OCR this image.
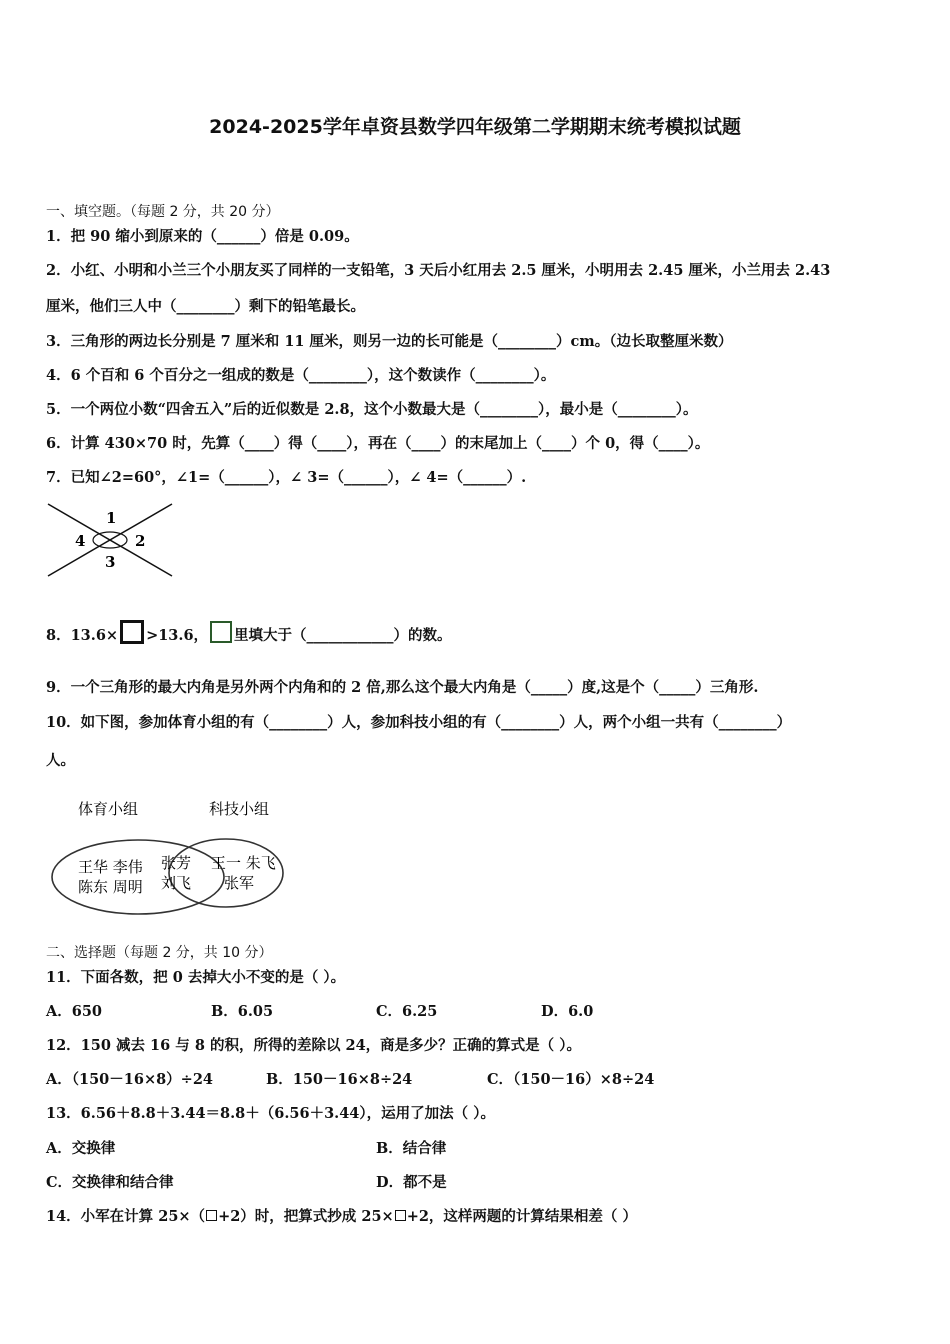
2024-2025学年卓资县数学四年级第二学期期末统考模拟试题
一、填空题。（每题 2 分，共 20 分）
1．把 90 缩小到原来的（______）倍是 0.09。
2．小红、小明和小兰三个小朋友买了同样的一支铅笔，3 天后小红用去 2.5 厘米，小明用去 2.45 厘米，小兰用去 2.43
厘米，他们三人中（________）剩下的铅笔最长。
3．三角形的两边长分别是 7 厘米和 11 厘米，则另一边的长可能是（________）cm。（边长取整厘米数）
4．6 个百和 6 个百分之一组成的数是（________），这个数读作（________）。
5．一个两位小数“四舍五入”后的近似数是 2.8，这个小数最大是（________），最小是（________）。
6．计算 430×70 时，先算（____）得（____），再在（____）的末尾加上（____）个 0，得（____）。
7．已知∠2=60°，∠1=（______），∠ 3=（______），∠ 4=（______）.
1
2
3
4
8．13.6× >13.6， 里填大于（____________）的数。
9．一个三角形的最大内角是另外两个内角和的 2 倍,那么这个最大内角是（_____）度,这是个（_____）三角形.
10．如下图，参加体育小组的有（________）人，参加科技小组的有（________）人，两个小组一共有（________）
人。
体育小组	科技小组
王华 李伟
陈东 周明
张芳
刘飞
王一 朱飞
张军
二、选择题（每题 2 分，共 10 分）
11．下面各数，把 0 去掉大小不变的是（ ）。
A．650	B．6.05	C．6.25	D．6.0
12．150 减去 16 与 8 的积，所得的差除以 24，商是多少？正确的算式是（ ）。
A．（150－16×8）÷24	B．150－16×8÷24	C．（150－16）×8÷24
13．6.56＋8.8＋3.44＝8.8＋（6.56＋3.44），运用了加法（ ）。
A．交换律	B．结合律
C．交换律和结合律	D．都不是
14．小军在计算 25×（ +2）时，把算式抄成 25× +2，这样两题的计算结果相差（ ）
